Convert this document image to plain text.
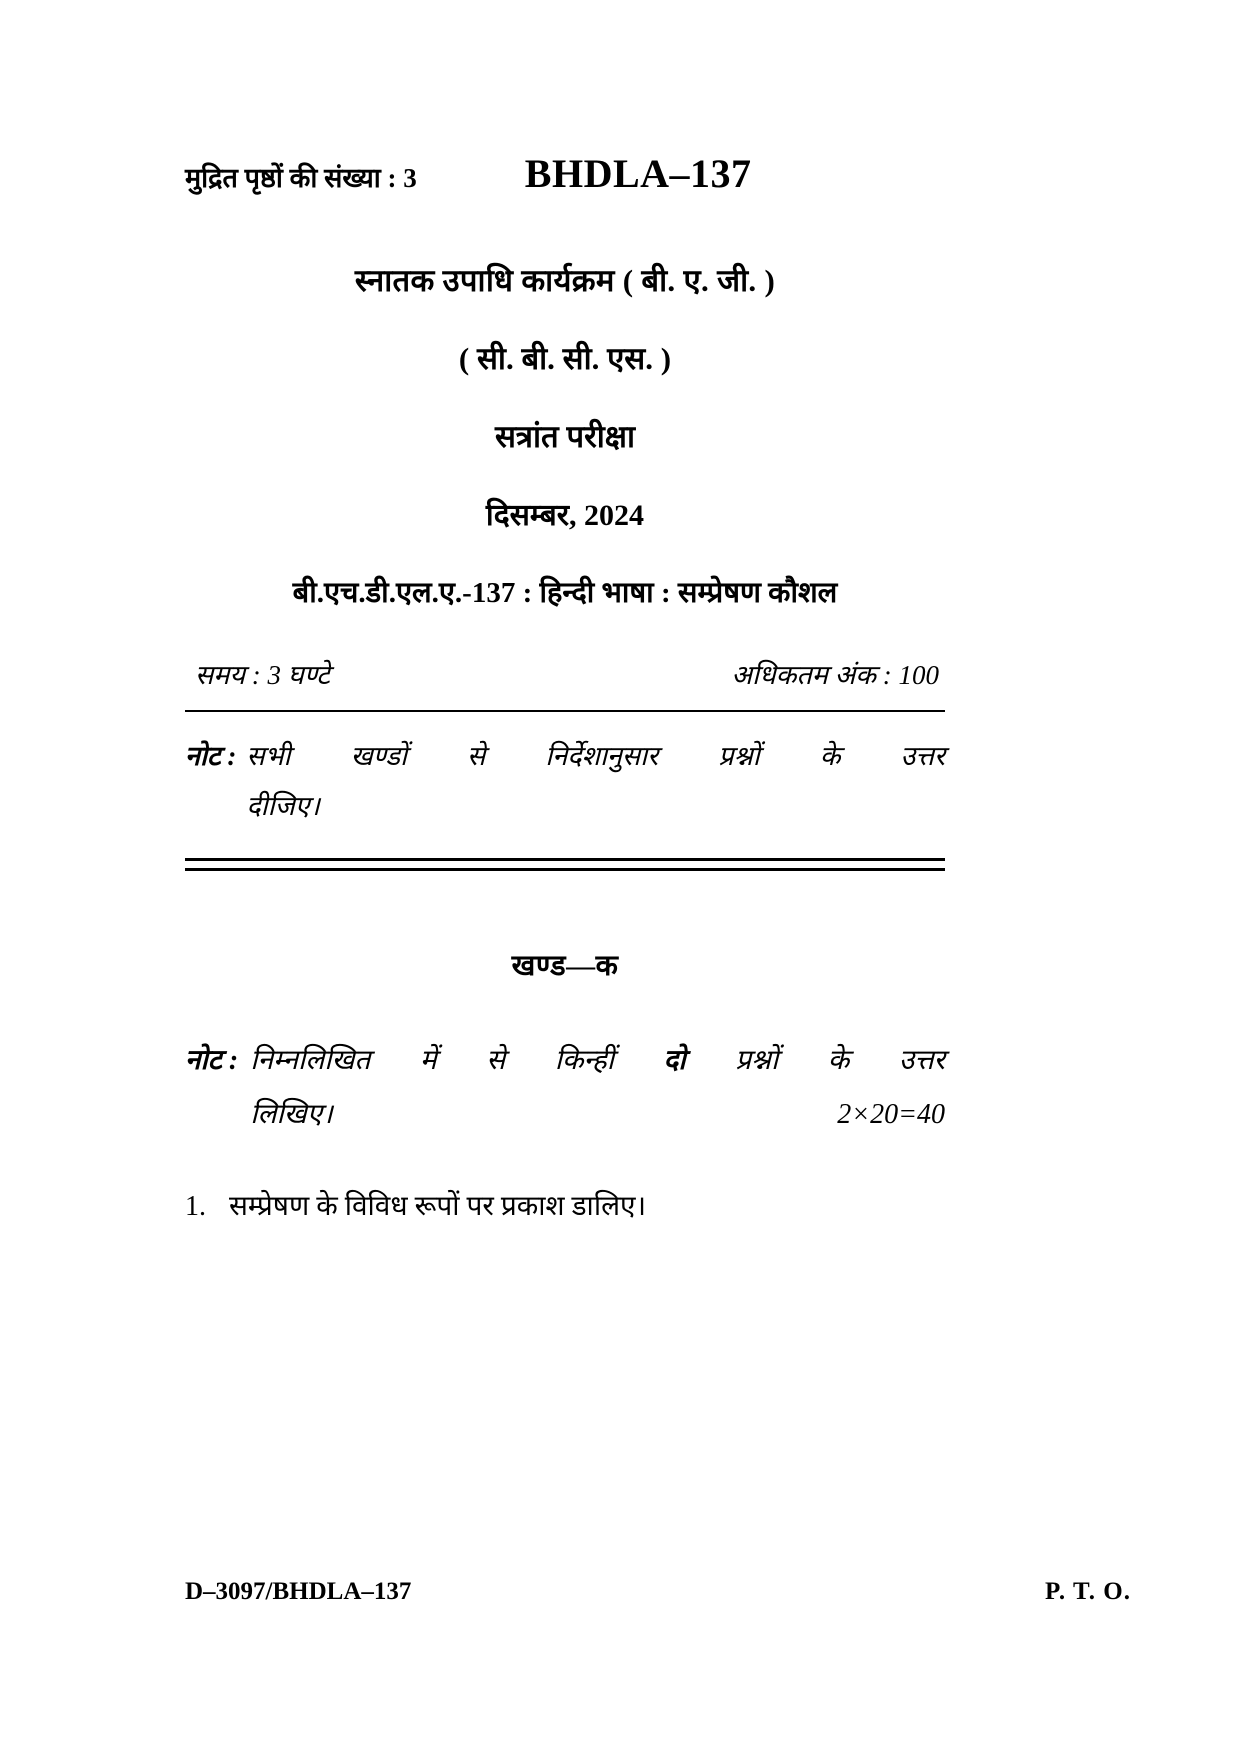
मुद्रित पृष्ठों की संख्या : 3	BHDLA–137
स्नातक उपाधि कार्यक्रम ( बी. ए. जी. )
( सी. बी. सी. एस. )
सत्रांत परीक्षा
दिसम्बर, 2024
बी.एच.डी.एल.ए.-137 : हिन्दी भाषा : सम्प्रेषण कौशल
समय : 3 घण्टे	अधिकतम अंक : 100
नोट : सभी खण्डों से निर्देशानुसार प्रश्नों के उत्तर
दीजिए।
खण्ड—क
नोट : निम्नलिखित में से किन्हीं दो प्रश्नों के उत्तर
लिखिए।	2×20=40
1. सम्प्रेषण के विविध रूपों पर प्रकाश डालिए।
D–3097/BHDLA–137	P. T. O.
